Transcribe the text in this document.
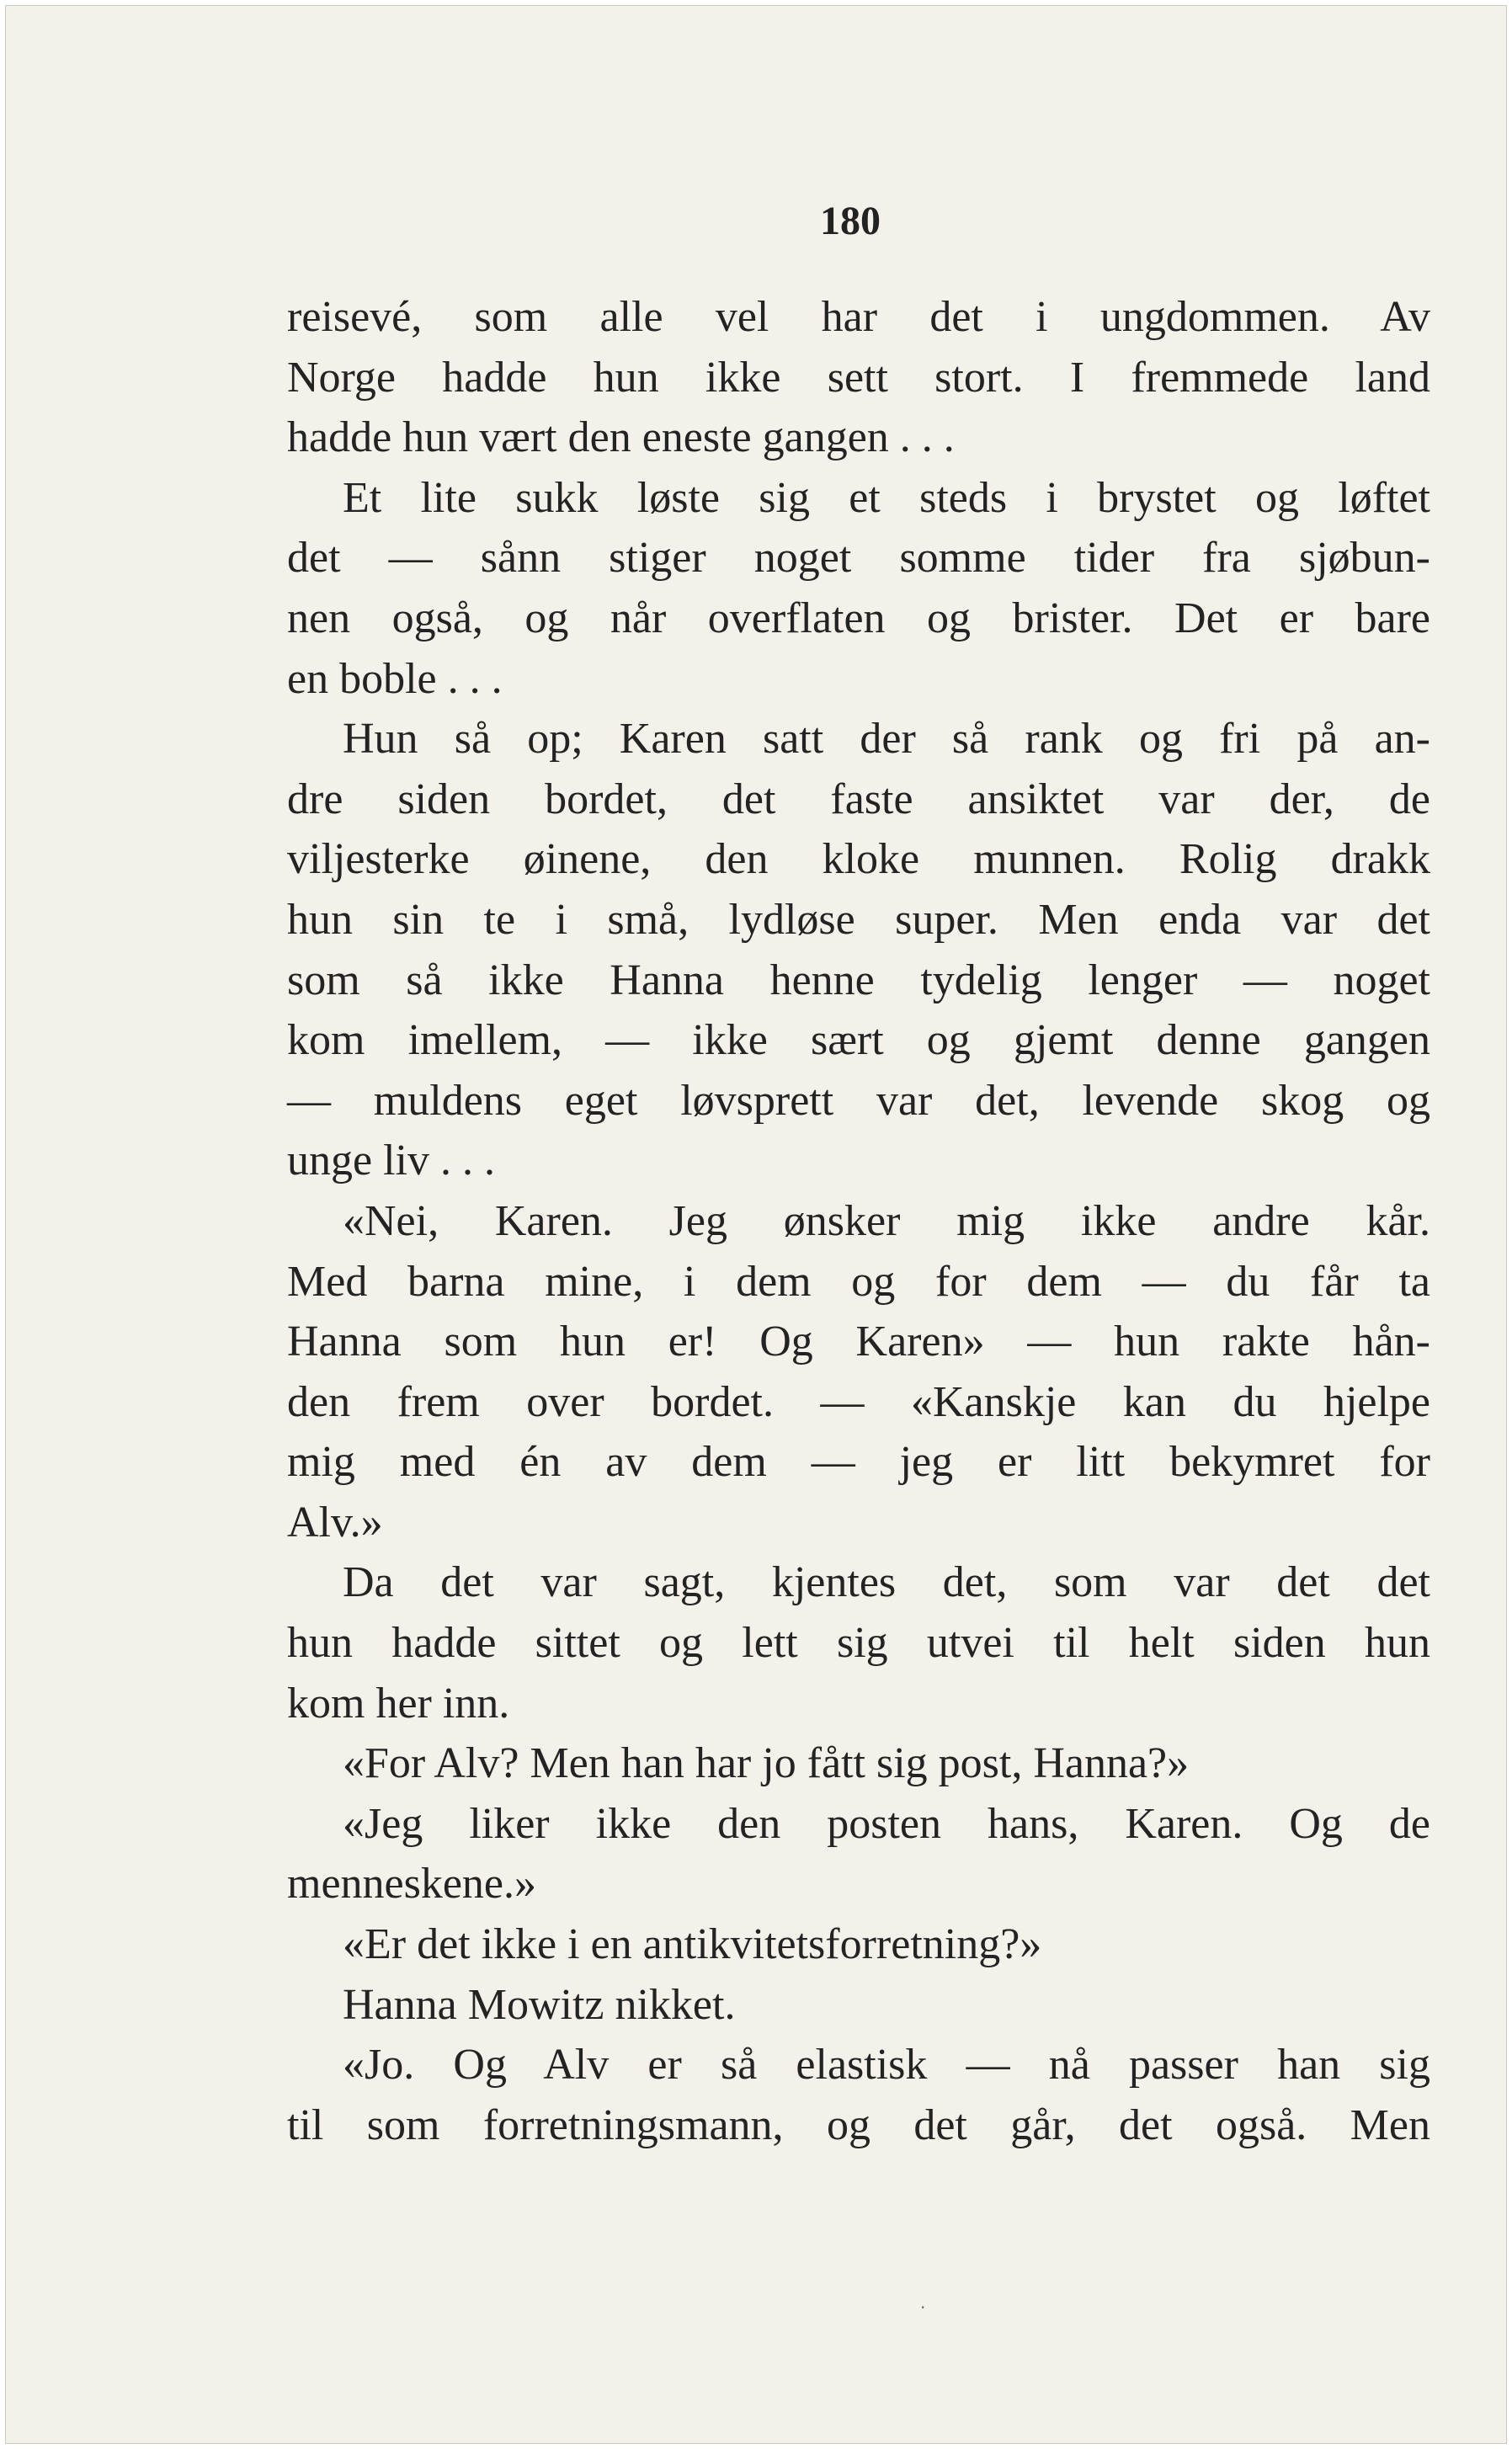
180
reisevé, som alle vel har det i ungdommen. Av
Norge hadde hun ikke sett stort. I fremmede land
hadde hun vært den eneste gangen . . .
Et lite sukk løste sig et steds i brystet og løftet
det — sånn stiger noget somme tider fra sjøbun-
nen også, og når overflaten og brister. Det er bare
en boble . . .
Hun så op; Karen satt der så rank og fri på an-
dre siden bordet, det faste ansiktet var der, de
viljesterke øinene, den kloke munnen. Rolig drakk
hun sin te i små, lydløse super. Men enda var det
som så ikke Hanna henne tydelig lenger — noget
kom imellem, — ikke sært og gjemt denne gangen
— muldens eget løvsprett var det, levende skog og
unge liv . . .
«Nei, Karen. Jeg ønsker mig ikke andre kår.
Med barna mine, i dem og for dem — du får ta
Hanna som hun er! Og Karen» — hun rakte hån-
den frem over bordet. — «Kanskje kan du hjelpe
mig med én av dem — jeg er litt bekymret for
Alv.»
Da det var sagt, kjentes det, som var det det
hun hadde sittet og lett sig utvei til helt siden hun
kom her inn.
«For Alv? Men han har jo fått sig post, Hanna?»
«Jeg liker ikke den posten hans, Karen. Og de
menneskene.»
«Er det ikke i en antikvitetsforretning?»
Hanna Mowitz nikket.
«Jo. Og Alv er så elastisk — nå passer han sig
til som forretningsmann, og det går, det også. Men
·
